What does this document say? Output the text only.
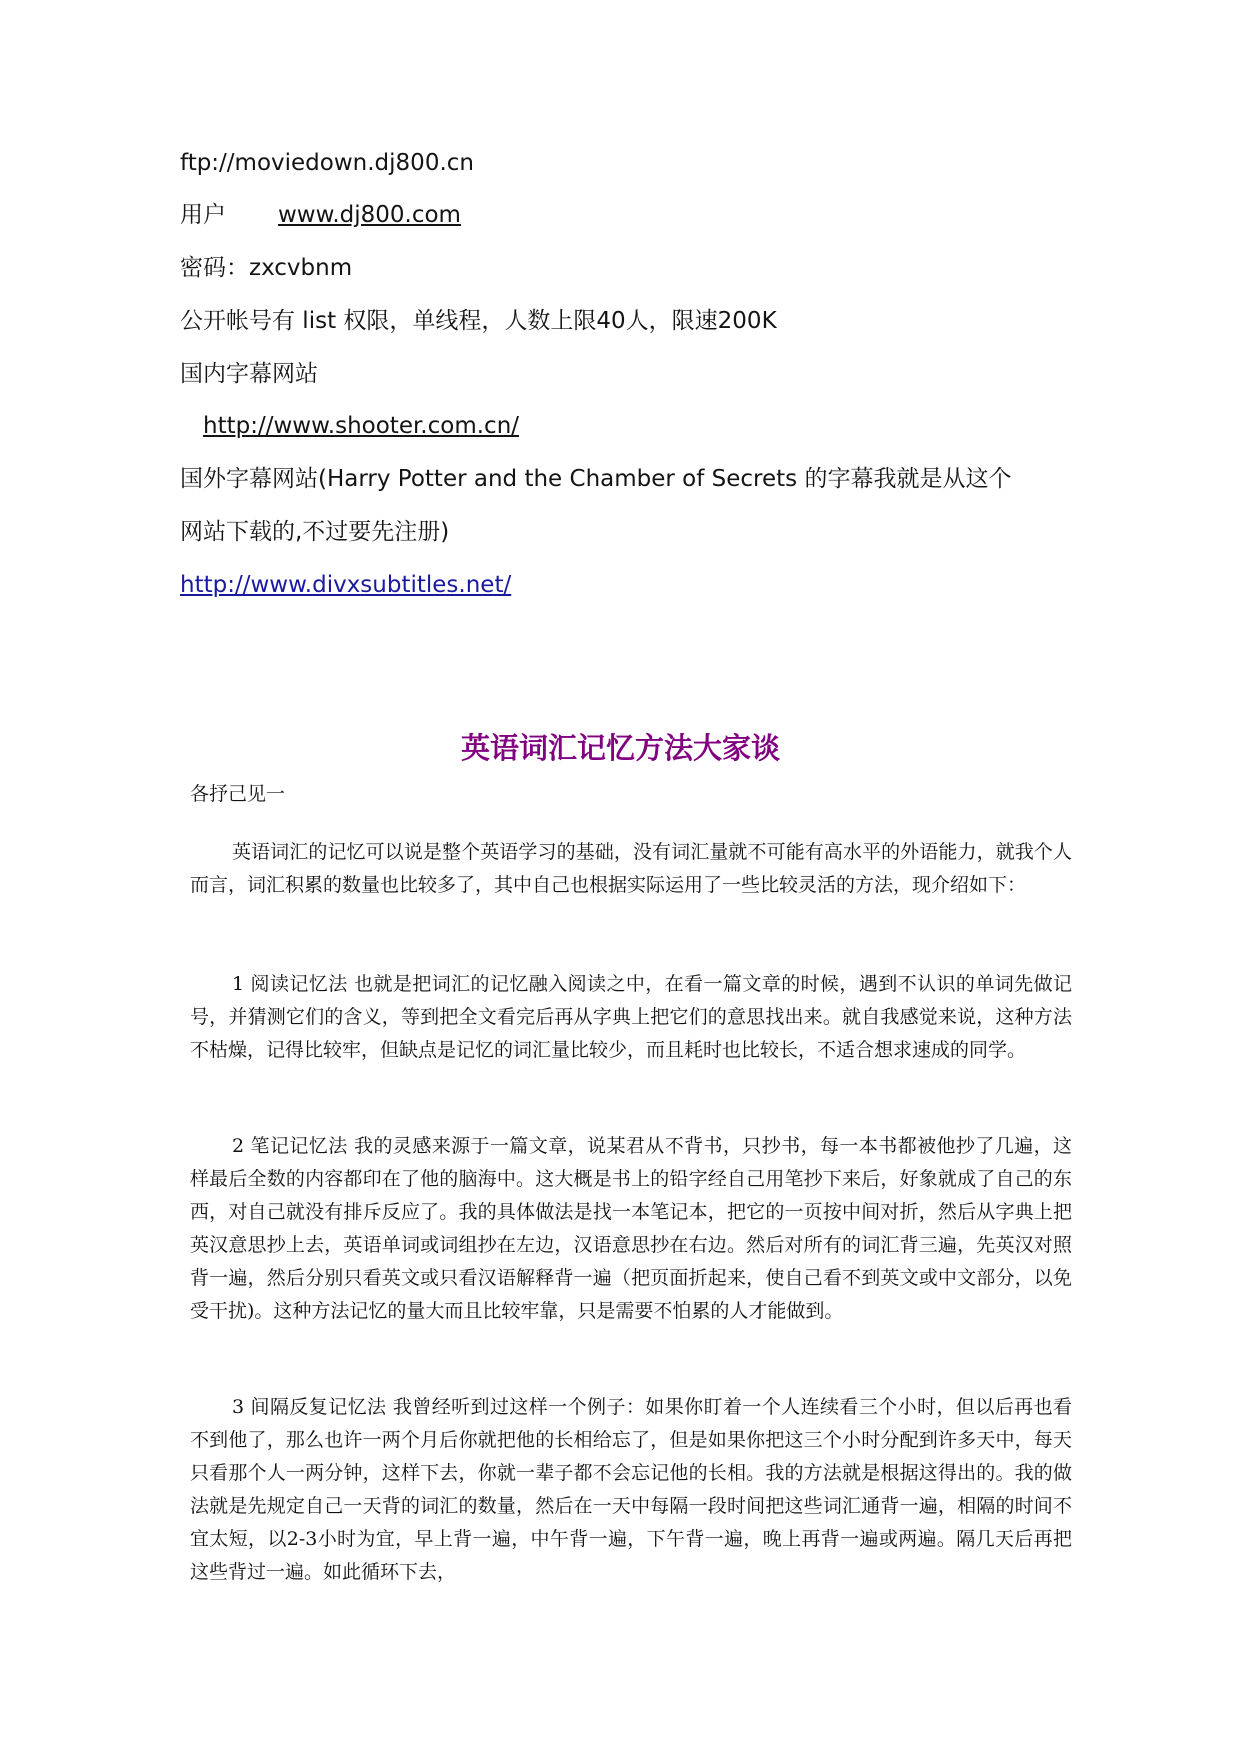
ftp://moviedown.dj800.cn
用户 www.dj800.com
密码：zxcvbnm
公开帐号有 list 权限，单线程，人数上限40人，限速200K
国内字幕网站
http://www.shooter.com.cn/
国外字幕网站(Harry Potter and the Chamber of Secrets 的字幕我就是从这个
网站下载的,不过要先注册)
http://www.divxsubtitles.net/
英语词汇记忆方法大家谈
各抒己见一

英语词汇的记忆可以说是整个英语学习的基础，没有词汇量就不可能有高水平的外语能力，就我个人而言，词汇积累的数量也比较多了，其中自己也根据实际运用了一些比较灵活的方法，现介绍如下：

1 阅读记忆法 也就是把词汇的记忆融入阅读之中，在看一篇文章的时候，遇到不认识的单词先做记号，并猜测它们的含义，等到把全文看完后再从字典上把它们的意思找出来。就自我感觉来说，这种方法不枯燥，记得比较牢，但缺点是记忆的词汇量比较少，而且耗时也比较长，不适合想求速成的同学。

2 笔记记忆法 我的灵感来源于一篇文章，说某君从不背书，只抄书，每一本书都被他抄了几遍，这样最后全数的内容都印在了他的脑海中。这大概是书上的铅字经自己用笔抄下来后，好象就成了自己的东西，对自己就没有排斥反应了。我的具体做法是找一本笔记本，把它的一页按中间对折，然后从字典上把英汉意思抄上去，英语单词或词组抄在左边，汉语意思抄在右边。然后对所有的词汇背三遍，先英汉对照背一遍，然后分别只看英文或只看汉语解释背一遍（把页面折起来，使自己看不到英文或中文部分，以免受干扰)。这种方法记忆的量大而且比较牢靠，只是需要不怕累的人才能做到。

3 间隔反复记忆法 我曾经听到过这样一个例子：如果你盯着一个人连续看三个小时，但以后再也看不到他了，那么也许一两个月后你就把他的长相给忘了，但是如果你把这三个小时分配到许多天中，每天只看那个人一两分钟，这样下去，你就一辈子都不会忘记他的长相。我的方法就是根据这得出的。我的做法就是先规定自己一天背的词汇的数量，然后在一天中每隔一段时间把这些词汇通背一遍，相隔的时间不宜太短，以2-3小时为宜，早上背一遍，中午背一遍，下午背一遍，晚上再背一遍或两遍。隔几天后再把这些背过一遍。如此循环下去，
